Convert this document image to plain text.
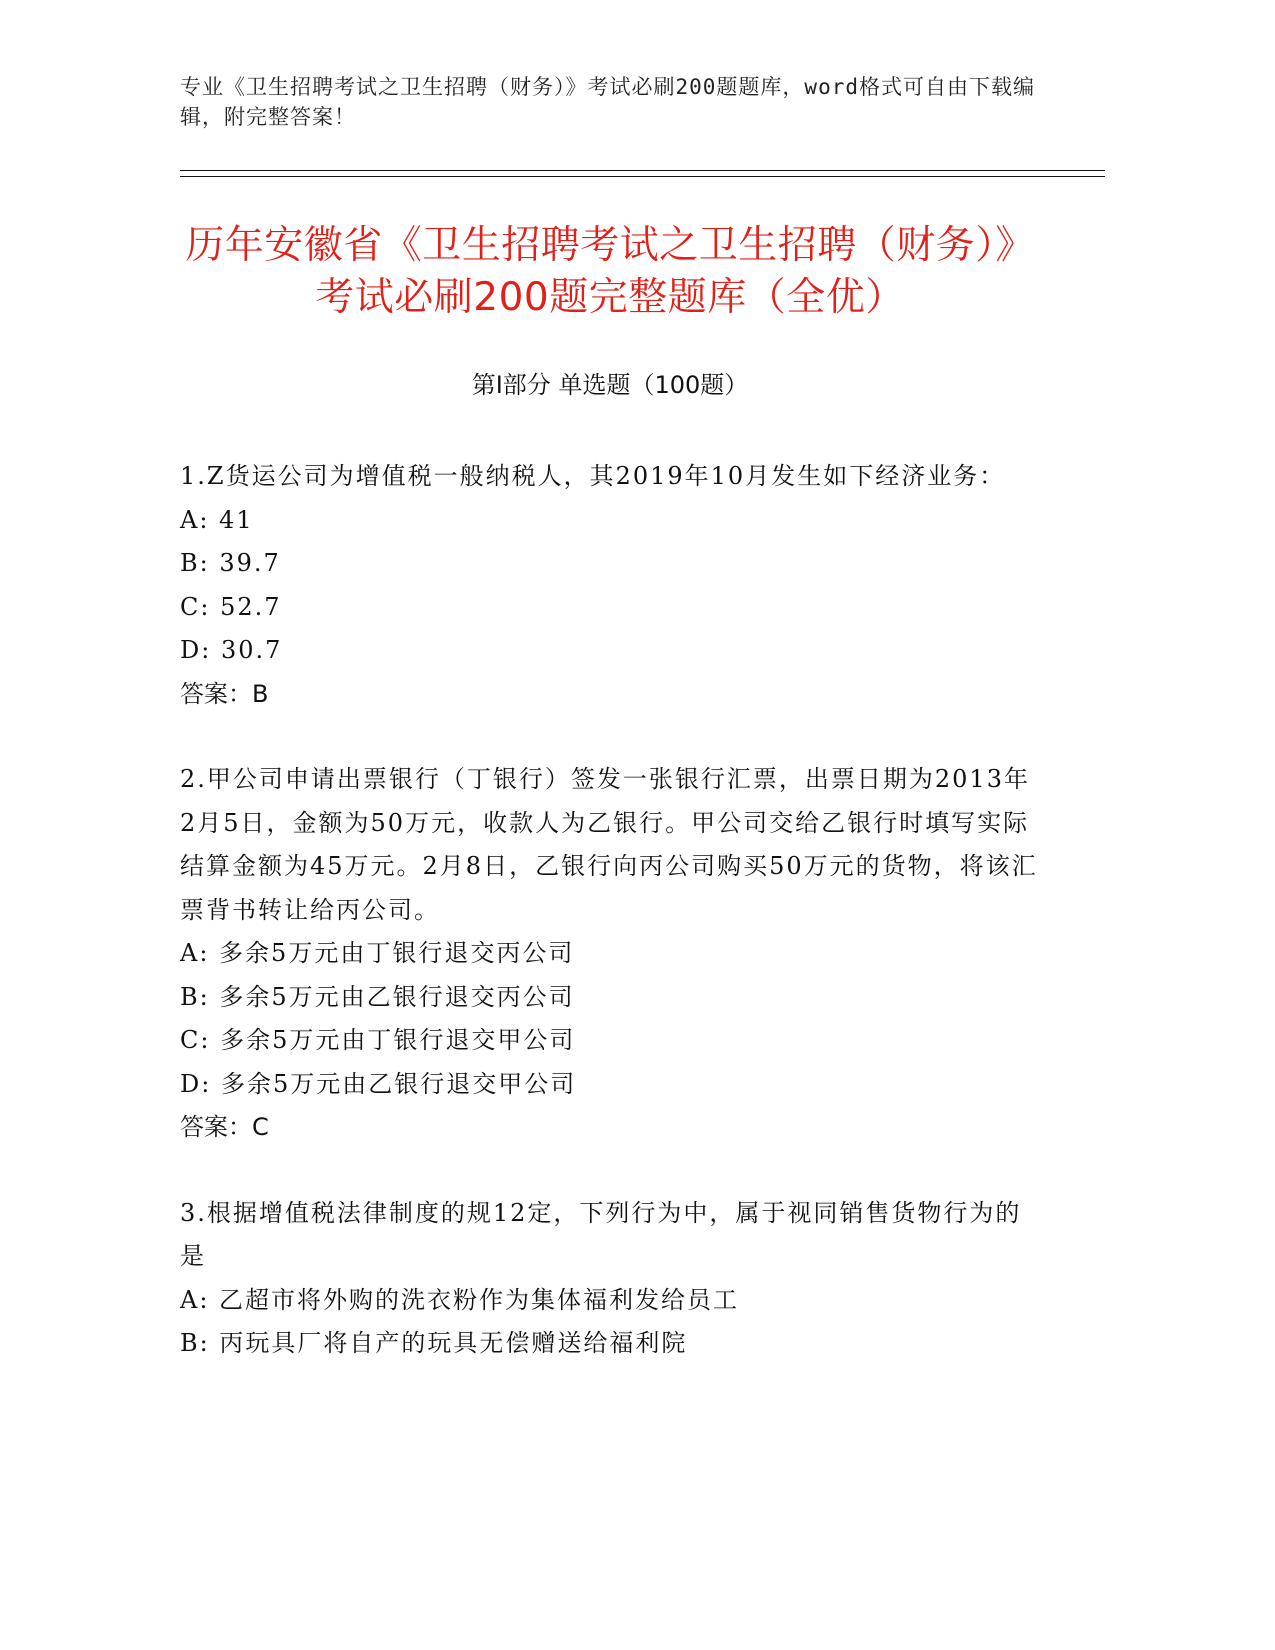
专业《卫生招聘考试之卫生招聘（财务）》考试必刷200题题库，word格式可自由下载编辑，附完整答案！

历年安徽省《卫生招聘考试之卫生招聘（财务）》考试必刷200题完整题库（全优）
第I部分 单选题（100题）

1.Z货运公司为增值税一般纳税人，其2019年10月发生如下经济业务：

A: 41

B: 39.7

C: 52.7

D: 30.7

答案：B

2.甲公司申请出票银行（丁银行）签发一张银行汇票，出票日期为2013年2月5日，金额为50万元，收款人为乙银行。甲公司交给乙银行时填写实际结算金额为45万元。2月8日，乙银行向丙公司购买50万元的货物，将该汇票背书转让给丙公司。

A: 多余5万元由丁银行退交丙公司

B: 多余5万元由乙银行退交丙公司

C: 多余5万元由丁银行退交甲公司

D: 多余5万元由乙银行退交甲公司

答案：C

3.根据增值税法律制度的规12定，下列行为中，属于视同销售货物行为的是

A: 乙超市将外购的洗衣粉作为集体福利发给员工

B: 丙玩具厂将自产的玩具无偿赠送给福利院
